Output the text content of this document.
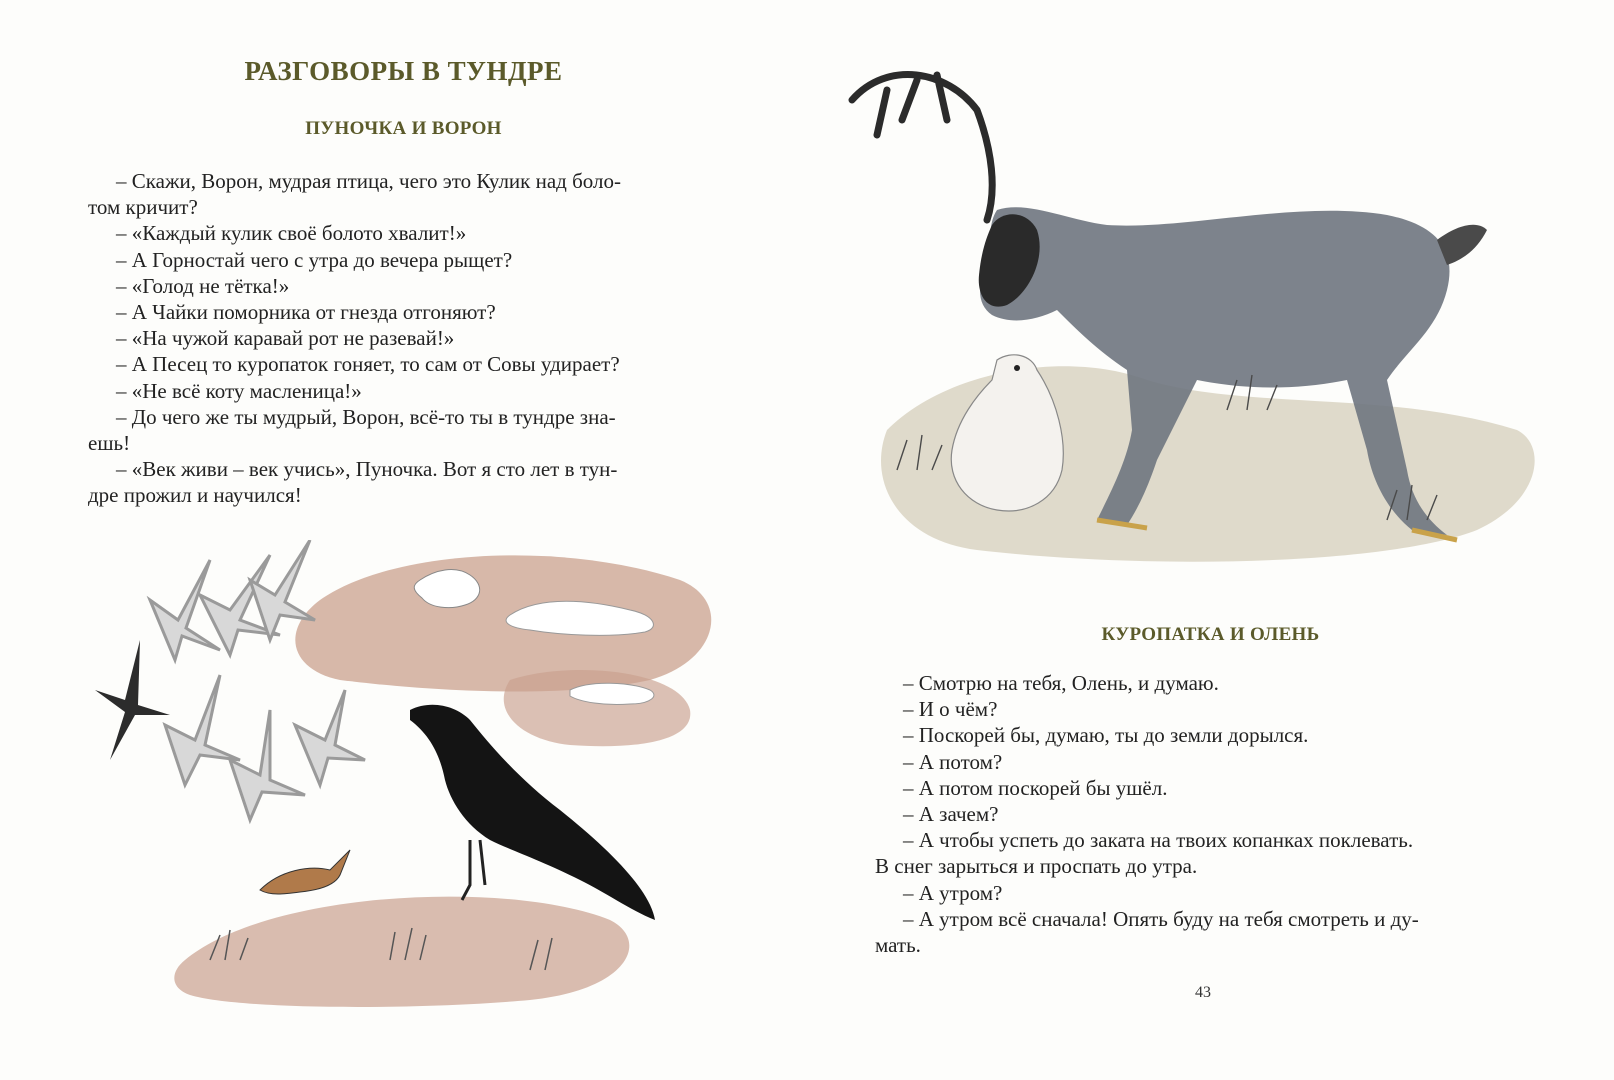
РАЗГОВОРЫ В ТУНДРЕ
ПУНОЧКА И ВОРОН
– Скажи, Ворон, мудрая птица, чего это Кулик над боло-
том кричит?
– «Каждый кулик своё болото хвалит!»
– А Горностай чего с утра до вечера рыщет?
– «Голод не тётка!»
– А Чайки поморника от гнезда отгоняют?
– «На чужой каравай рот не разевай!»
– А Песец то куропаток гоняет, то сам от Совы удирает?
– «Не всё коту масленица!»
– До чего же ты мудрый, Ворон, всё-то ты в тундре зна-
ешь!
– «Век живи – век учись», Пуночка. Вот я сто лет в тун-
дре прожил и научился!
КУРОПАТКА И ОЛЕНЬ
– Смотрю на тебя, Олень, и думаю.
– И о чём?
– Поскорей бы, думаю, ты до земли дорылся.
– А потом?
– А потом поскорей бы ушёл.
– А зачем?
– А чтобы успеть до заката на твоих копанках поклевать.
В снег зарыться и проспать до утра.
– А утром?
– А утром всё сначала! Опять буду на тебя смотреть и ду-
мать.
43
